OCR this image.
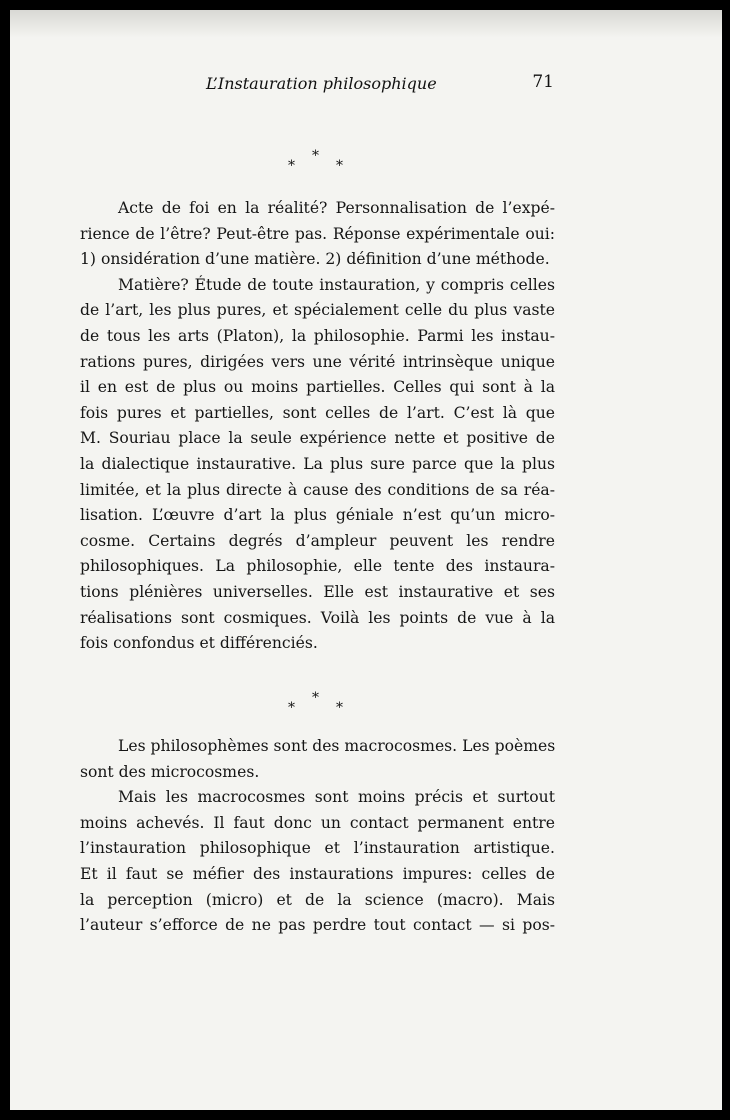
L’Instauration philosophique	71
*
*
*

Acte de foi en la réalité? Personnalisation de l’expé-
rience de l’être? Peut-être pas. Réponse expérimentale oui:
1) onsidération d’une matière. 2) définition d’une méthode.

Matière? Étude de toute instauration, y compris celles
de l’art, les plus pures, et spécialement celle du plus vaste
de tous les arts (Platon), la philosophie. Parmi les instau-
rations pures, dirigées vers une vérité intrinsèque unique
il en est de plus ou moins partielles. Celles qui sont à la
fois pures et partielles, sont celles de l’art. C’est là que
M. Souriau place la seule expérience nette et positive de
la dialectique instaurative. La plus sure parce que la plus
limitée, et la plus directe à cause des conditions de sa réa-
lisation. L’œuvre d’art la plus géniale n’est qu’un micro-
cosme. Certains degrés d’ampleur peuvent les rendre
philosophiques. La philosophie, elle tente des instaura-
tions plénières universelles. Elle est instaurative et ses
réalisations sont cosmiques. Voilà les points de vue à la
fois confondus et différenciés.

*
*
*

Les philosophèmes sont des macrocosmes. Les poèmes
sont des microcosmes.

Mais les macrocosmes sont moins précis et surtout
moins achevés. Il faut donc un contact permanent entre
l’instauration philosophique et l’instauration artistique.
Et il faut se méfier des instaurations impures: celles de
la perception (micro) et de la science (macro). Mais
l’auteur s’efforce de ne pas perdre tout contact — si pos-
